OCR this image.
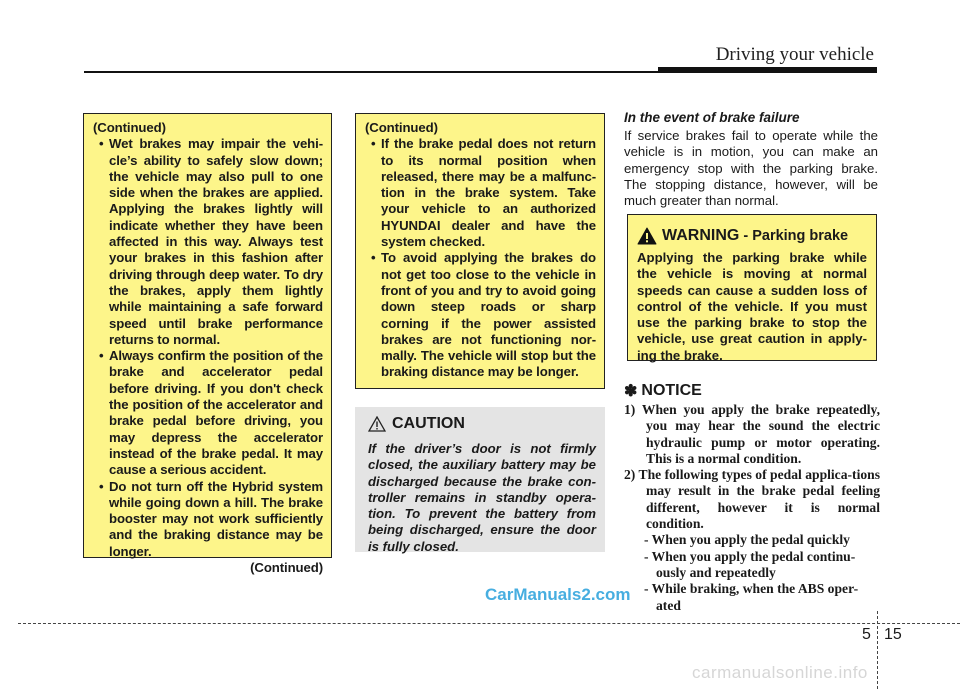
Driving your vehicle
(Continued)

• Wet brakes may impair the vehi-cle’s ability to safely slow down; the vehicle may also pull to one side when the brakes are applied. Applying the brakes lightly will indicate whether they have been affected in this way. Always test your brakes in this fashion after driving through deep water. To dry the brakes, apply them lightly while maintaining a safe forward speed until brake performance returns to normal.

• Always confirm the position of the brake and accelerator pedal before driving. If you don't check the position of the accelerator and brake pedal before driving, you may depress the accelerator instead of the brake pedal. It may cause a serious accident.

• Do not turn off the Hybrid system while going down a hill. The brake booster may not work sufficiently and the braking distance may be longer.

(Continued)
(Continued)

• If the brake pedal does not return to its normal position when released, there may be a malfunc-tion in the brake system. Take your vehicle to an authorized HYUNDAI dealer and have the system checked.

• To avoid applying the brakes do not get too close to the vehicle in front of you and try to avoid going down steep roads or sharp corning if the power assisted brakes are not functioning nor-mally. The vehicle will stop but the braking distance may be longer.

CAUTION
If the driver’s door is not firmly closed, the auxiliary battery may be discharged because the brake con-troller remains in standby opera-tion. To prevent the battery from being discharged, ensure the door is fully closed.
In the event of brake failure
If service brakes fail to operate while the vehicle is in motion, you can make an emergency stop with the parking brake. The stopping distance, however, will be much greater than normal.
WARNING - Parking brake
Applying the parking brake while the vehicle is moving at normal speeds can cause a sudden loss of control of the vehicle. If you must use the parking brake to stop the vehicle, use great caution in apply-ing the brake.
✽ NOTICE

1) When you apply the brake repeatedly, you may hear the sound the electric hydraulic pump or motor operating. This is a normal condition.

2) The following types of pedal applica-tions may result in the brake pedal feeling different, however it is normal condition.

- When you apply the pedal quickly

- When you apply the pedal continu-ously and repeatedly

- While braking, when the ABS oper-ated

CarManuals2.com
5 15
carmanualsonline.info
